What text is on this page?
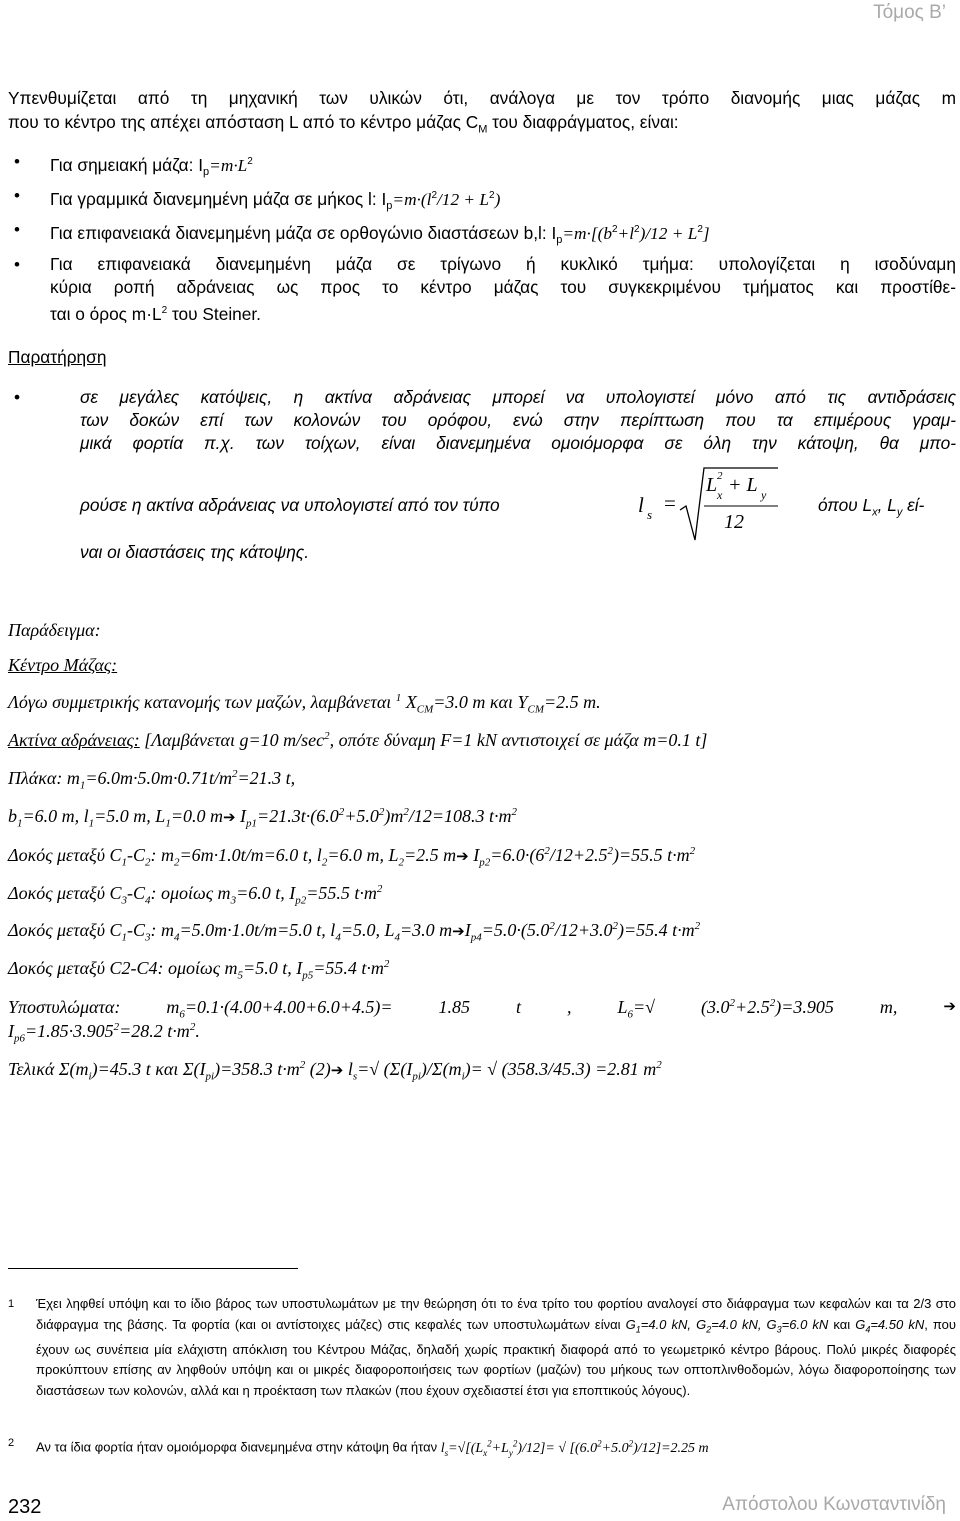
Τόμος Β’
Υπενθυμίζεται από τη μηχανική των υλικών ότι, ανάλογα με τον τρόπο διανομής μιας μάζας m
που το κέντρο της απέχει απόσταση L από το κέντρο μάζας $C_M$ του διαφράγματος, είναι:
• Για σημειακή μάζα: $I_p=m\cdot L^2$
• Για γραμμικά διανεμημένη μάζα σε μήκος l: $I_p=m\cdot(l^2/12 + L^2)$
• Για επιφανειακά διανεμημένη μάζα σε ορθογώνιο διαστάσεων b,l: $I_p=m\cdot[(b^2+l^2)/12 + L^2]$
• Για επιφανειακά διανεμημένη μάζα σε τρίγωνο ή κυκλικό τμήμα: υπολογίζεται η ισοδύναμη
κύρια ροπή αδράνειας ως προς το κέντρο μάζας του συγκεκριμένου τμήματος και προστίθε-
ται ο όρος $m\cdot L^2$ του Steiner.
Παρατήρηση
•	σε μεγάλες κατόψεις, η ακτίνα αδράνειας μπορεί να υπολογιστεί μόνο από τις αντιδράσεις
των δοκών επί των κολονών του ορόφου, ενώ στην περίπτωση που τα επιμέρους γραμ-
μικά φορτία π.χ. των τοίχων, είναι διανεμημένα ομοιόμορφα σε όλη την κάτοψη, θα μπο-
ρούσε η ακτίνα αδράνειας να υπολογιστεί από τον τύπο	l s =
L 2
x + L y
12
όπου $L_x$, $L_y$ εί-
ναι οι διαστάσεις της κάτοψης.
Παράδειγμα:
Κέντρο Μάζας:
Λόγω συμμετρικής κατανομής των μαζών, λαμβάνεται $^1$ $X_{CM}=3.0$ m και $Y_{CM}=2.5$ m.
Ακτίνα αδράνειας: [Λαμβάνεται g=10 $m/\sec^2$, οπότε δύναμη F=1 kN αντιστοιχεί σε μάζα m=0.1 t]
Πλάκα: $m_1=6.0m\cdot 5.0m\cdot 0.71t/m^2=21.3$ t,
$b_1=6.0$ m, $l_1=5.0$ m, $L_1=0.0$ m➔ $I_{p1}=21.3t\cdot(6.0^2+5.0^2)m^2/12=108.3$ $t\cdot m^2$
Δοκός μεταξύ $C_1-C_2$: $m_2=6m\cdot 1.0t/m=6.0$ t, $l_2=6.0$ m, $L_2=2.5$ m➔ $I_{p2}=6.0\cdot(6^2/12+2.5^2)=55.5$ $t\cdot m^2$
Δοκός μεταξύ $C_3-C_4$: ομοίως $m_3=6.0$ t, $I_{p2}=55.5$ $t\cdot m^2$
Δοκός μεταξύ $C_1-C_3$: $m_4=5.0m\cdot 1.0t/m=5.0$ t, $l_4=5.0$, $L_4=3.0$ $m➔I_{p4}=5.0\cdot(5.0^2/12+3.0^2)=55.4$ $t\cdot m^2$
Δοκός μεταξύ C2-C4: ομοίως $m_5=5.0$ t, $I_{p5}=55.4$ $t\cdot m^2$
Υποστυλώματα:	$m_6=0.1\cdot(4.00+4.00+6.0+4.5)=$	1.85	t	,	$L_6=√$	$(3.0^2+2.5^2)=3.905$	m,	➔
$I_{p6}=1.85\cdot 3.905^2=28.2$ $t\cdot m^2$.
Τελικά $\Sigma(m_i)=45.3$ t και $\Sigma(I_{pi})=358.3$ $t\cdot m^2$ (2)➔ $l_s=√$ ($\Sigma(I_{pi})/\Sigma(m_i)=$ √ (358.3/45.3) =2.81 $m^2$
1 Έχει ληφθεί υπόψη και το ίδιο βάρος των υποστυλωμάτων με την θεώρηση ότι το ένα τρίτο του φορτίου αναλογεί στο διάφραγμα των κεφαλών και τα 2/3 στο διάφραγμα της βάσης. Τα φορτία (και οι αντίστοιχες μάζες) στις κεφαλές των υποστυλωμάτων είναι $G_1=4.0$ kN, $G_2=4.0$ kN, $G_3=6.0$ kN και $G_4=4.50$ kN, που έχουν ως συνέπεια μία ελάχιστη απόκλιση του Κέντρου Μάζας, δηλαδή χωρίς πρακτική διαφορά από το γεωμετρικό κέντρο βάρους. Πολύ μικρές διαφορές προκύπτουν επίσης αν ληφθούν υπόψη και οι μικρές διαφοροποιήσεις των φορτίων (μαζών) του μήκους των οπτοπλινθοδομών, λόγω διαφοροποίησης των διαστάσεων των κολονών, αλλά και η προέκταση των πλακών (που έχουν σχεδιαστεί έτσι για εποπτικούς λόγους).
2 Αν τα ίδια φορτία ήταν ομοιόμορφα διανεμημένα στην κάτοψη θα ήταν $l_s=√[(L_x^2+L_y^2)/12]=$ √ $[(6.0^2+5.0^2)/12]=2.25$ m
232	Απόστολου Κωνσταντινίδη
